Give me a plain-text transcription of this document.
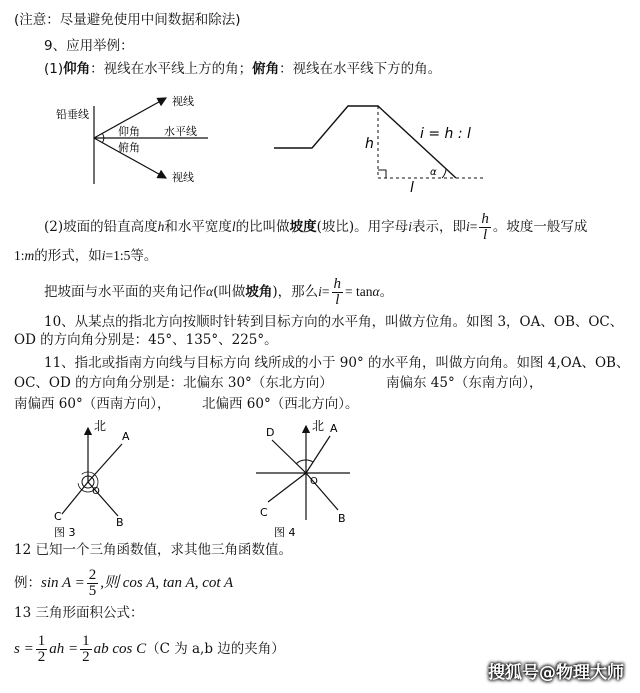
(注意：尽量避免使用中间数据和除法)
9、应用举例：
(1)仰角：视线在水平线上方的角；俯角：视线在水平线下方的角。
铅垂线
视线
视线
水平线
仰角
俯角	h
i = h : l
l
α
(2)坡面的铅直高度h和水平宽度l的比叫做坡度(坡比)。用字母i表示，即$i= \frac{h}{l}$ 。坡度一般写成
1:m的形式，如i=1:5等。
把坡面与水平面的夹角记作α(叫做坡角)，那么$i= \frac{h}{l} = \tan\alpha$。
10、从某点的指北方向按顺时针转到目标方向的水平角，叫做方位角。如图 3，OA、OB、OC、
OD 的方向角分别是：45°、135°、225°。
11、指北或指南方向线与目标方向 线所成的小于 90° 的水平角，叫做方向角。如图 4,OA、OB、
OC、OD 的方向角分别是：北偏东 30°（东北方向）	南偏东 45°（东南方向），
南偏西 60°（西南方向）， 北偏西 60°（西北方向）。
北
A
B
C
O
图 3
北 A
B
C
D
O
图 4
12 已知一个三角函数值，求其他三角函数值。
例：$\sin A = \frac{2}{5}$ ,则 cos A, tan A, cot A
13 三角形面积公式：
$s = \frac{1}{2}$ ah = $\frac{1}{2}$ ab cos C（C 为 a,b 边的夹角）
搜狐号@物理大师
